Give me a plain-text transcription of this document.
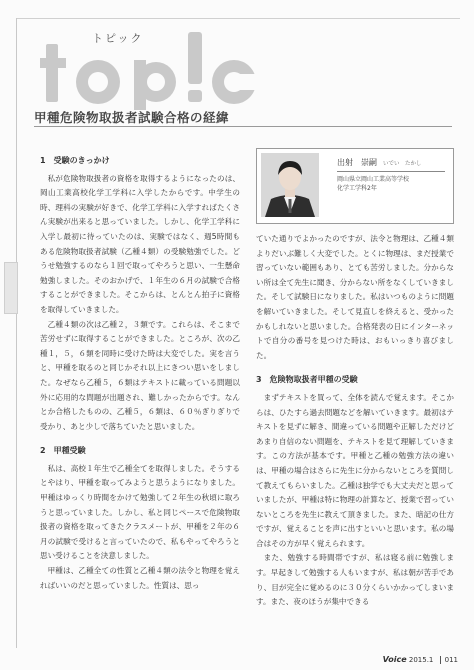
トピック
甲種危険物取扱者試験合格の経緯
1 受験のきっかけ

私が危険物取扱者の資格を取得するようになったのは、岡山工業高校化学工学科に入学したからです。中学生の時、理科の実験が好きで、化学工学科に入学すればたくさん実験が出来ると思っていました。しかし、化学工学科に入学し最初に待っていたのは、実験ではなく、週5時間もある危険物取扱者試験（乙種４類）の受験勉強でした。どうせ勉強するのなら１回で取ってやろうと思い、一生懸命勉強しました。そのおかげで、１年生の６月の試験で合格することができました。そこからは、とんとん拍子に資格を取得していきました。

乙種４類の次は乙種２，３類です。これらは、そこまで苦労せずに取得することができました。ところが、次の乙種１，５，６類を同時に受けた時は大変でした。実を言うと、甲種を取るのと同じかそれ以上にきつい思いをしました。なぜなら乙種５，６類はテキストに載っている問題以外に応用的な問題が出題され、難しかったからです。なんとか合格したものの、乙種５，６類は、６０％ぎりぎりで受かり、あと少しで落ちていたと思いました。

2 甲種受験

私は、高校１年生で乙種全てを取得しました。そうするとやはり、甲種を取ってみようと思うようになりました。甲種はゆっくり時間をかけて勉強して２年生の秋頃に取ろうと思っていました。しかし、私と同じペースで危険物取扱者の資格を取ってきたクラスメートが、甲種を２年の６月の試験で受けると言っていたので、私もやってやろうと思い受けることを決意しました。

甲種は、乙種全ての性質と乙種４類の法令と物理を覚えればいいのだと思っていました。性質は、思っ

出射　崇嗣 いでい　たかし
岡山県立岡山工業高等学校
化学工学科2年

ていた通りでよかったのですが、法令と物理は、乙種４類よりだいぶ難しく大変でした。とくに物理は、まだ授業で習っていない範囲もあり、とても苦労しました。分からない所は全て先生に聞き、分からない所をなくしていきました。そして試験日になりました。私はいつものように問題を解いていきました。そして見直しを終えると、受かったかもしれないと思いました。合格発表の日にインターネットで自分の番号を見つけた時は、おもいっきり喜びました。

3 危険物取扱者甲種の受験

まずテキストを買って、全体を読んで覚えます。そこからは、ひたすら過去問題などを解いていきます。最初はテキストを見ずに解き、間違っている問題や正解しただけどあまり自信のない問題を、テキストを見て理解していきます。この方法が基本です。甲種と乙種の勉強方法の違いは、甲種の場合はさらに先生に分からないところを質問して教えてもらいました。乙種は独学でも大丈夫だと思っていましたが、甲種は特に物理の計算など、授業で習っていないところを先生に教えて頂きました。また、暗記の仕方ですが、覚えることを声に出すといいと思います。私の場合はその方が早く覚えられます。

また、勉強する時間帯ですが、私は寝る前に勉強します。早起きして勉強する人もいますが、私は朝が苦手であり、目が完全に覚めるのに３０分くらいかかってしまいます。また、夜のほうが集中できる

Voice 2015.1 011
